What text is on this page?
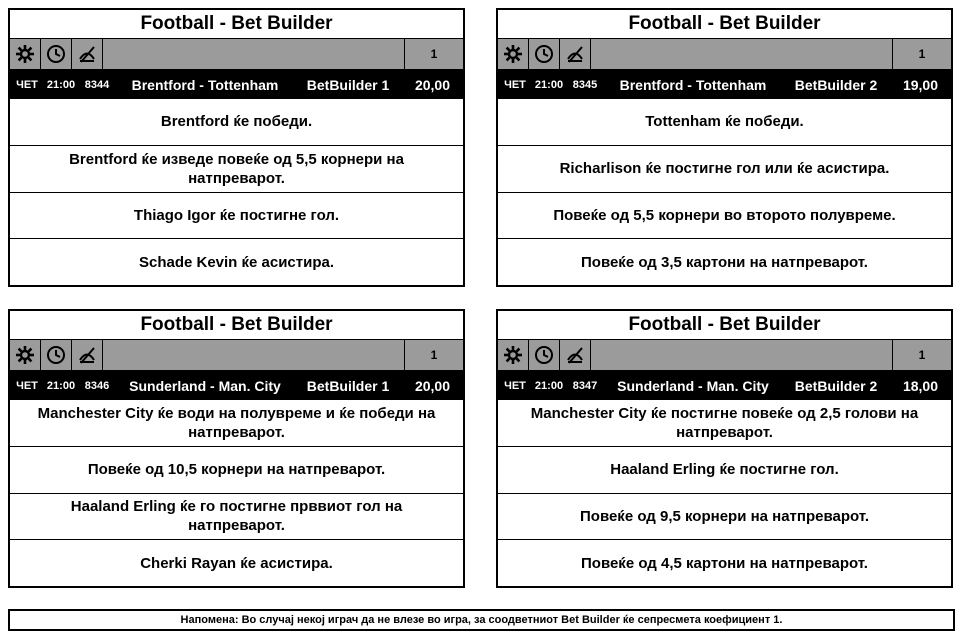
Football - Bet Builder
1
ЧЕТ 21:00 8344	Brentford - Tottenham	BetBuilder 1	20,00
Brentford ќе победи.
Brentford ќе изведе повеќе од 5,5 корнери на натпреварот.
Thiago Igor ќе постигне гол.
Schade Kevin ќе асистира.
Football - Bet Builder
1
ЧЕТ 21:00 8345	Brentford - Tottenham	BetBuilder 2	19,00
Tottenham ќе победи.
Richarlison ќе постигне гол или ќе асистира.
Повеќе од 5,5 корнери во второто полувреме.
Повеќе од 3,5 картони на натпреварот.
Football - Bet Builder
1
ЧЕТ 21:00 8346	Sunderland - Man. City	BetBuilder 1	20,00
Manchester City ќе води на полувреме и ќе победи на натпреварот.
Повеќе од 10,5 корнери на натпреварот.
Haaland Erling ќе го постигне прввиот гол на натпреварот.
Cherki Rayan ќе асистира.
Football - Bet Builder
1
ЧЕТ 21:00 8347	Sunderland - Man. City	BetBuilder 2	18,00
Manchester City ќе постигне повеќе од 2,5 голови на натпреварот.
Haaland Erling ќе постигне гол.
Повеќе од 9,5 корнери на натпреварот.
Повеќе од 4,5 картони на натпреварот.
Напомена: Во случај некој играч да не влезе во игра, за соодветниот Bet Builder ќе сепресмета коефициент 1.
